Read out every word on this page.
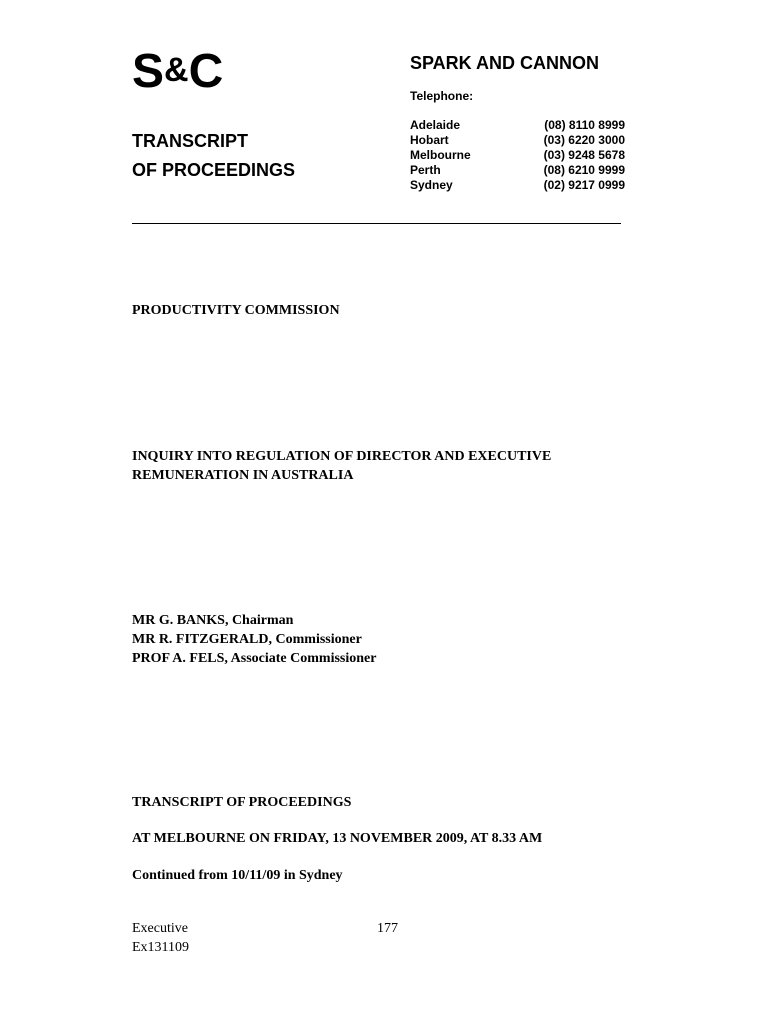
S&C	SPARK AND CANNON
Telephone:
Adelaide	(08) 8110 8999
Hobart	(03) 6220 3000
Melbourne	(03) 9248 5678
Perth	(08) 6210 9999
Sydney	(02) 9217 0999
TRANSCRIPT
OF PROCEEDINGS
PRODUCTIVITY COMMISSION
INQUIRY INTO REGULATION OF DIRECTOR AND EXECUTIVE
REMUNERATION IN AUSTRALIA
MR G. BANKS, Chairman
MR R. FITZGERALD, Commissioner
PROF A. FELS, Associate Commissioner
TRANSCRIPT OF PROCEEDINGS
AT MELBOURNE ON FRIDAY, 13 NOVEMBER 2009, AT 8.33 AM
Continued from 10/11/09 in Sydney
Executive
Ex131109
177
